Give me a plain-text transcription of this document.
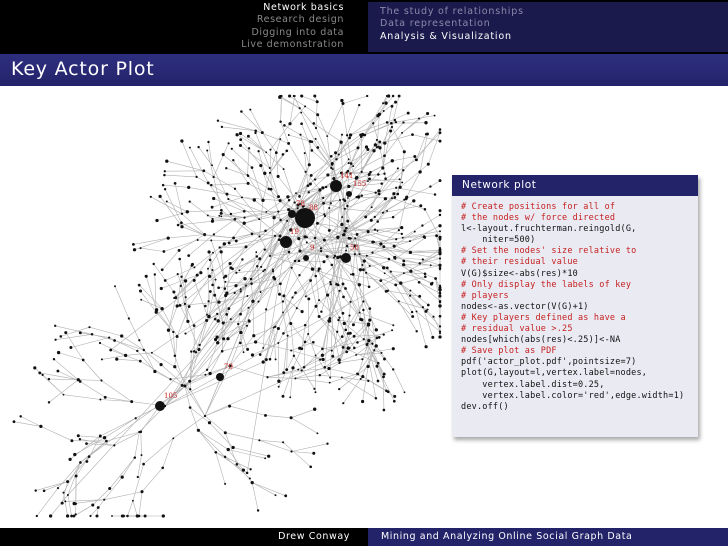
Network basics
Research design
Digging into data
Live demonstration
The study of relationships
Data representation
Analysis & Visualization
Key Actor Plot
141
155
78 88
19
9	50
79
105
Network plot
# Create positions for all of
# the nodes w/ force directed
l<-layout.fruchterman.reingold(G,
niter=500)
# Set the nodes' size relative to
# their residual value
V(G)$size<-abs(res)*10
# Only display the labels of key
# players
nodes<-as.vector(V(G)+1)
# Key players defined as have a
# residual value >.25
nodes[which(abs(res)<.25)]<-NA
# Save plot as PDF
pdf('actor_plot.pdf',pointsize=7)
plot(G,layout=l,vertex.label=nodes,
vertex.label.dist=0.25,
vertex.label.color='red',edge.width=1)
dev.off()
Drew Conway	Mining and Analyzing Online Social Graph Data
